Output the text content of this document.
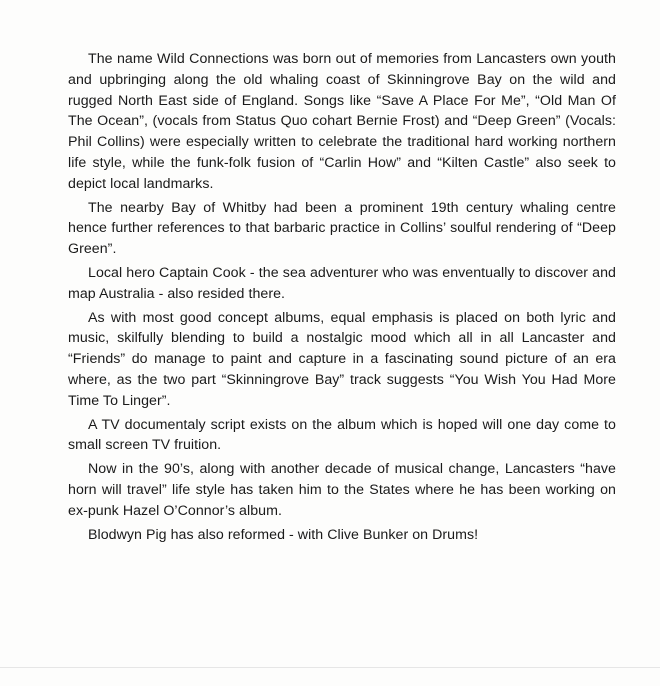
The name Wild Connections was born out of memories from Lancasters own youth and upbringing along the old whaling coast of Skinningrove Bay on the wild and rugged North East side of England. Songs like “Save A Place For Me”, “Old Man Of The Ocean”, (vocals from Status Quo cohart Bernie Frost) and “Deep Green” (Vocals: Phil Collins) were especially written to celebrate the traditional hard working northern life style, while the funk-folk fusion of “Carlin How” and “Kilten Castle” also seek to depict local landmarks.

The nearby Bay of Whitby had been a prominent 19th century whaling centre hence further references to that barbaric practice in Collins’ soulful rendering of “Deep Green”.

Local hero Captain Cook - the sea adventurer who was enventually to discover and map Australia - also resided there.

As with most good concept albums, equal emphasis is placed on both lyric and music, skilfully blending to build a nostalgic mood which all in all Lancaster and “Friends” do manage to paint and capture in a fascinating sound picture of an era where, as the two part “Skinningrove Bay” track suggests “You Wish You Had More Time To Linger”.

A TV documentaly script exists on the album which is hoped will one day come to small screen TV fruition.

Now in the 90’s, along with another decade of musical change, Lancasters “have horn will travel” life style has taken him to the States where he has been working on ex-punk Hazel O’Connor’s album.

Blodwyn Pig has also reformed - with Clive Bunker on Drums!
